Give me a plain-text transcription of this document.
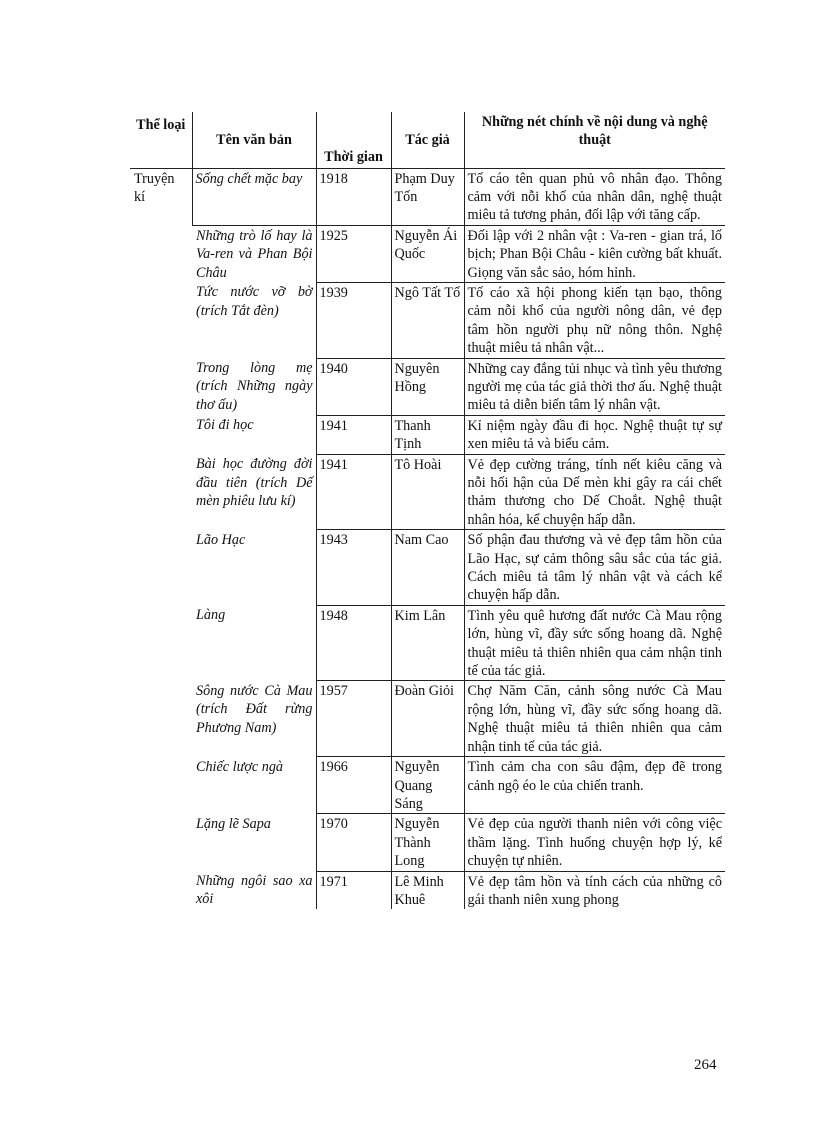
Thể loại	Tên văn bản	Thời gian	Tác giả	Những nét chính về nội dung và nghệ thuật
Truyện kí	Sống chết mặc bay	1918	Phạm Duy Tốn	Tố cáo tên quan phủ vô nhân đạo. Thông cảm với nỗi khổ của nhân dân, nghệ thuật miêu tả tương phản, đối lập với tăng cấp.
	Những trò lố hay là Va-ren và Phan Bội Châu	1925	Nguyễn Ái Quốc	Đối lập với 2 nhân vật : Va-ren - gian trá, lố bịch; Phan Bội Châu - kiên cường bất khuất. Giọng văn sắc sảo, hóm hỉnh.
	Tức nước vỡ bờ (trích Tắt đèn)	1939	Ngô Tất Tố	Tố cáo xã hội phong kiến tạn bạo, thông cảm nỗi khổ của người nông dân, vẻ đẹp tâm hồn người phụ nữ nông thôn. Nghệ thuật miêu tả nhân vật...
	Trong lòng mẹ (trích Những ngày thơ ấu)	1940	Nguyên Hồng	Những cay đắng tủi nhục và tình yêu thương người mẹ của tác giả thời thơ ấu. Nghệ thuật miêu tả diễn biến tâm lý nhân vật.
	Tôi đi học	1941	Thanh Tịnh	Kỉ niệm ngày đầu đi học. Nghệ thuật tự sự xen miêu tả và biểu cảm.
	Bài học đường đời đầu tiên (trích Dế mèn phiêu lưu kí)	1941	Tô Hoài	Vẻ đẹp cường tráng, tính nết kiêu căng và nỗi hối hận của Dế mèn khi gây ra cái chết thảm thương cho Dế Choắt. Nghệ thuật nhân hóa, kể chuyện hấp dẫn.
	Lão Hạc	1943	Nam Cao	Số phận đau thương và vẻ đẹp tâm hồn của Lão Hạc, sự cảm thông sâu sắc của tác giả. Cách miêu tả tâm lý nhân vật và cách kể chuyện hấp dẫn.
	Làng	1948	Kim Lân	Tình yêu quê hương đất nước Cà Mau rộng lớn, hùng vĩ, đầy sức sống hoang dã. Nghệ thuật miêu tả thiên nhiên qua cảm nhận tinh tế của tác giả.
	Sông nước Cà Mau (trích Đất rừng Phương Nam)	1957	Đoàn Giỏi	Chợ Năm Căn, cảnh sông nước Cà Mau rộng lớn, hùng vĩ, đầy sức sống hoang dã. Nghệ thuật miêu tả thiên nhiên qua cảm nhận tinh tế của tác giả.
	Chiếc lược ngà	1966	Nguyễn Quang Sáng	Tình cảm cha con sâu đậm, đẹp đẽ trong cảnh ngộ éo le của chiến tranh.
	Lặng lẽ Sapa	1970	Nguyễn Thành Long	Vẻ đẹp của người thanh niên với công việc thầm lặng. Tình huống chuyện hợp lý, kể chuyện tự nhiên.
	Những ngôi sao xa xôi	1971	Lê Minh Khuê	Vẻ đẹp tâm hồn và tính cách của những cô gái thanh niên xung phong
264
